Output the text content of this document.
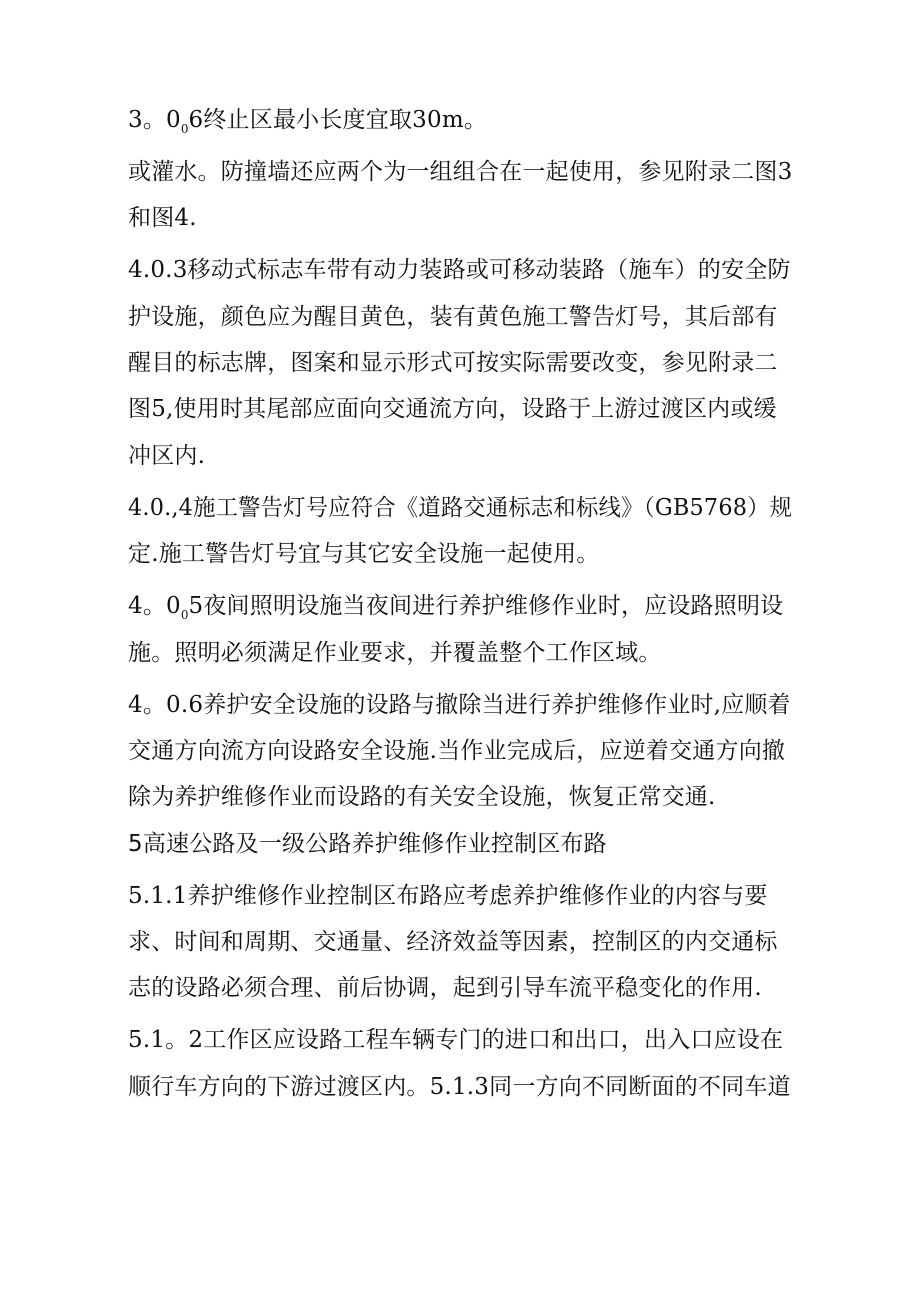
3。$0_06$终止区最小长度宜取30m。
或灌水。防撞墙还应两个为一组组合在一起使用，参见附录二图3
和图4.
4.0.3移动式标志车带有动力装路或可移动装路（施车）的安全防
护设施，颜色应为醒目黄色，装有黄色施工警告灯号，其后部有
醒目的标志牌，图案和显示形式可按实际需要改变，参见附录二
图5,使用时其尾部应面向交通流方向，设路于上游过渡区内或缓
冲区内.
4.0.,4施工警告灯号应符合《道路交通标志和标线》（GB5768）规
定.施工警告灯号宜与其它安全设施一起使用。
4。$0_05$夜间照明设施当夜间进行养护维修作业时，应设路照明设
施。照明必须满足作业要求，并覆盖整个工作区域。
4。0.6养护安全设施的设路与撤除当进行养护维修作业时,应顺着
交通方向流方向设路安全设施.当作业完成后，应逆着交通方向撤
除为养护维修作业而设路的有关安全设施，恢复正常交通.
5高速公路及一级公路养护维修作业控制区布路
5.1.1养护维修作业控制区布路应考虑养护维修作业的内容与要
求、时间和周期、交通量、经济效益等因素，控制区的内交通标
志的设路必须合理、前后协调，起到引导车流平稳变化的作用.
5.1。2工作区应设路工程车辆专门的进口和出口，出入口应设在
顺行车方向的下游过渡区内。5.1.3同一方向不同断面的不同车道
